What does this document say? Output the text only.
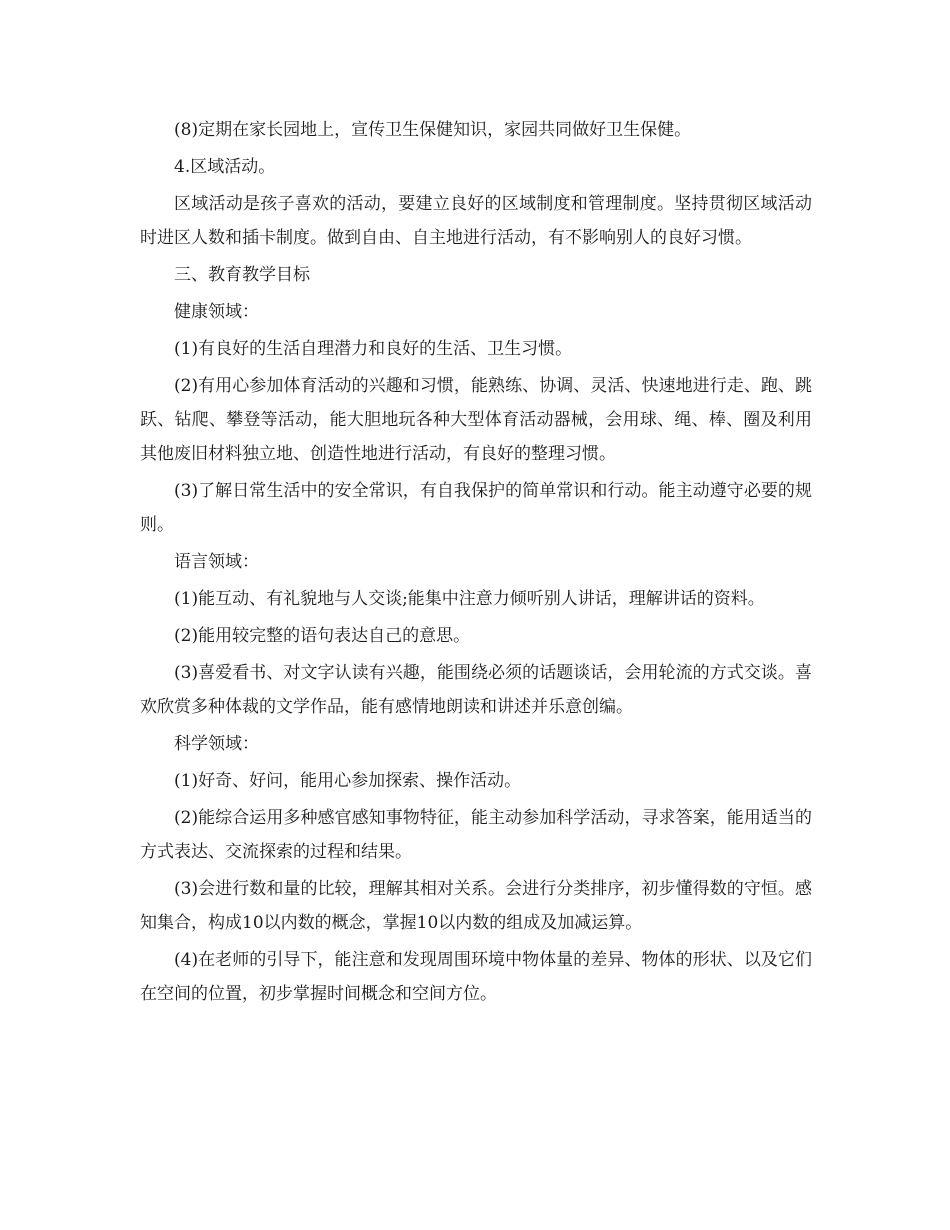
(8)定期在家长园地上，宣传卫生保健知识，家园共同做好卫生保健。

4.区域活动。

区域活动是孩子喜欢的活动，要建立良好的区域制度和管理制度。坚持贯彻区域活动时进区人数和插卡制度。做到自由、自主地进行活动，有不影响别人的良好习惯。

三、教育教学目标

健康领域：

(1)有良好的生活自理潜力和良好的生活、卫生习惯。

(2)有用心参加体育活动的兴趣和习惯，能熟练、协调、灵活、快速地进行走、跑、跳跃、钻爬、攀登等活动，能大胆地玩各种大型体育活动器械，会用球、绳、棒、圈及利用其他废旧材料独立地、创造性地进行活动，有良好的整理习惯。

(3)了解日常生活中的安全常识，有自我保护的简单常识和行动。能主动遵守必要的规则。

语言领域：

(1)能互动、有礼貌地与人交谈;能集中注意力倾听别人讲话，理解讲话的资料。

(2)能用较完整的语句表达自己的意思。

(3)喜爱看书、对文字认读有兴趣，能围绕必须的话题谈话，会用轮流的方式交谈。喜欢欣赏多种体裁的文学作品，能有感情地朗读和讲述并乐意创编。

科学领域：

(1)好奇、好问，能用心参加探索、操作活动。

(2)能综合运用多种感官感知事物特征，能主动参加科学活动，寻求答案，能用适当的方式表达、交流探索的过程和结果。

(3)会进行数和量的比较，理解其相对关系。会进行分类排序，初步懂得数的守恒。感知集合，构成10以内数的概念，掌握10以内数的组成及加减运算。

(4)在老师的引导下，能注意和发现周围环境中物体量的差异、物体的形状、以及它们在空间的位置，初步掌握时间概念和空间方位。
